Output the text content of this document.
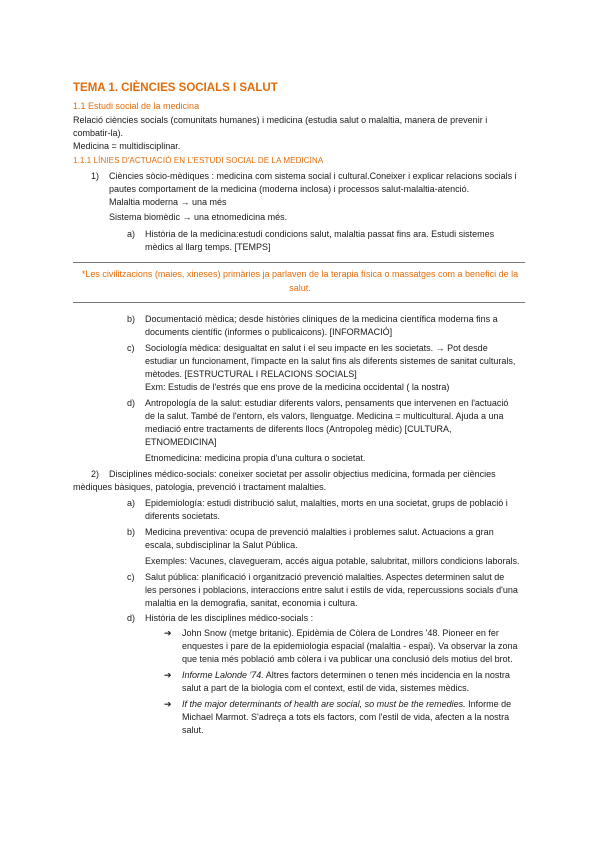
TEMA 1. CIÈNCIES SOCIALS I SALUT
1.1 Estudi social de la medicina
Relació ciències socials (comunitats humanes) i medicina (estudia salut o malaltia, manera de prevenir i
combatir-la).
Medicina = multidisciplinar.
1.1.1 LÍNIES D'ACTUACIÓ EN L'ESTUDI SOCIAL DE LA MEDICINA
1) Ciències sòcio-mèdiques : medicina com sistema social i cultural.Coneixer i explicar relacions socials i
pautes comportament de la medicina (moderna inclosa) i processos salut-malaltia-atenció.
Malaltia moderna → una més
Sistema biomèdic → una etnomedicina més.
a) Història de la medicina:estudi condicions salut, malaltia passat fins ara. Estudi sistemes
mèdics al llarg temps. [TEMPS]
*Les civilitzacions (maies, xineses) primàries ja parlaven de la terapia física o massatges com a benefici de la salut.
b) Documentació mèdica; desde històries cliniques de la medicina científica moderna fins a
documents científic (informes o publicaicons). [INFORMACIÓ]
c) Sociología mèdica: desigualtat en salut i el seu impacte en les societats. → Pot desde
estudiar un funcionament, l'impacte en la salut fins als diferents sistemes de sanitat culturals,
mètodes. [ESTRUCTURAL I RELACIONS SOCIALS]
Exm: Estudis de l'estrés que ens prove de la medicina occidental ( la nostra)
d) Antropología de la salut: estudiar diferents valors, pensaments que intervenen en l'actuació
de la salut. També de l'entorn, els valors, llenguatge. Medicina = multicultural. Ajuda a una
mediació entre tractaments de diferents llocs (Antropoleg mèdic) [CULTURA,
ETNOMEDICINA]
Etnomedicina: medicina propia d'una cultura o societat.
2) Disciplines médico-socials: coneixer societat per assolir objectius medicina, formada per ciències
mèdiques bàsiques, patologia, prevenció i tractament malalties.
a) Epidemiología: estudi distribució salut, malalties, morts en una societat, grups de població i
diferents societats.
b) Medicina preventiva: ocupa de prevenció malalties i problemes salut. Actuacions a gran
escala, subdisciplinar la Salut Pública.
Exemples: Vacunes, clavegueram, accés aigua potable, salubritat, millors condicions laborals.
c) Salut pública: planificació i organització prevenció malalties. Aspectes determinen salut de
les persones i poblacions, interaccions entre salut i estils de vida, repercussions socials d'una
malaltia en la demografia, sanitat, economia i cultura.
d) Història de les disciplines médico-socials :
➔ John Snow (metge britanic). Epidèmia de Còlera de Londres '48. Pioneer en fer
enquestes i pare de la epidemiologia espacial (malaltia - espai). Va observar la zona
que tenia més població amb còlera i va publicar una conclusió dels motius del brot.
➔ Informe Lalonde '74. Altres factors determinen o tenen més incidencia en la nostra
salut a part de la biologia com el context, estil de vida, sistemes mèdics.
➔ If the major determinants of health are social, so must be the remedies. Informe de
Michael Marmot. S'adreça a tots els factors, com l'estil de vida, afecten a la nostra
salut.
